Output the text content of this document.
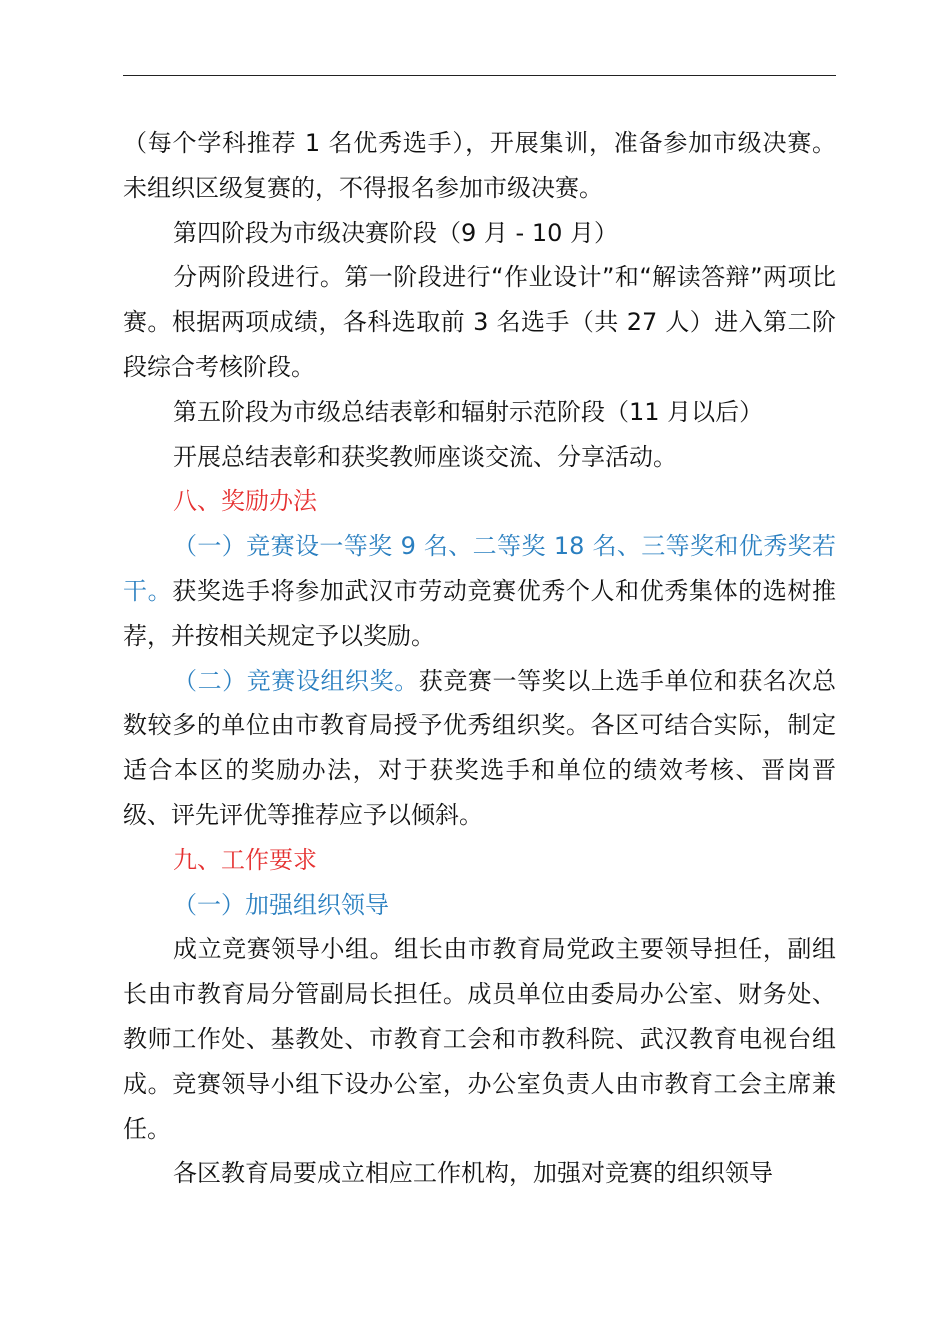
（每个学科推荐 1 名优秀选手），开展集训，准备参加市级决赛。未组织区级复赛的，不得报名参加市级决赛。

第四阶段为市级决赛阶段（9 月 - 10 月）

分两阶段进行。第一阶段进行“作业设计”和“解读答辩”两项比赛。根据两项成绩，各科选取前 3 名选手（共 27 人）进入第二阶段综合考核阶段。

第五阶段为市级总结表彰和辐射示范阶段（11 月以后）

开展总结表彰和获奖教师座谈交流、分享活动。

八、奖励办法

（一）竞赛设一等奖 9 名、二等奖 18 名、三等奖和优秀奖若干。获奖选手将参加武汉市劳动竞赛优秀个人和优秀集体的选树推荐，并按相关规定予以奖励。

（二）竞赛设组织奖。获竞赛一等奖以上选手单位和获名次总数较多的单位由市教育局授予优秀组织奖。各区可结合实际，制定适合本区的奖励办法，对于获奖选手和单位的绩效考核、晋岗晋级、评先评优等推荐应予以倾斜。

九、工作要求

（一）加强组织领导

成立竞赛领导小组。组长由市教育局党政主要领导担任，副组长由市教育局分管副局长担任。成员单位由委局办公室、财务处、教师工作处、基教处、市教育工会和市教科院、武汉教育电视台组成。竞赛领导小组下设办公室，办公室负责人由市教育工会主席兼任。

各区教育局要成立相应工作机构，加强对竞赛的组织领导
